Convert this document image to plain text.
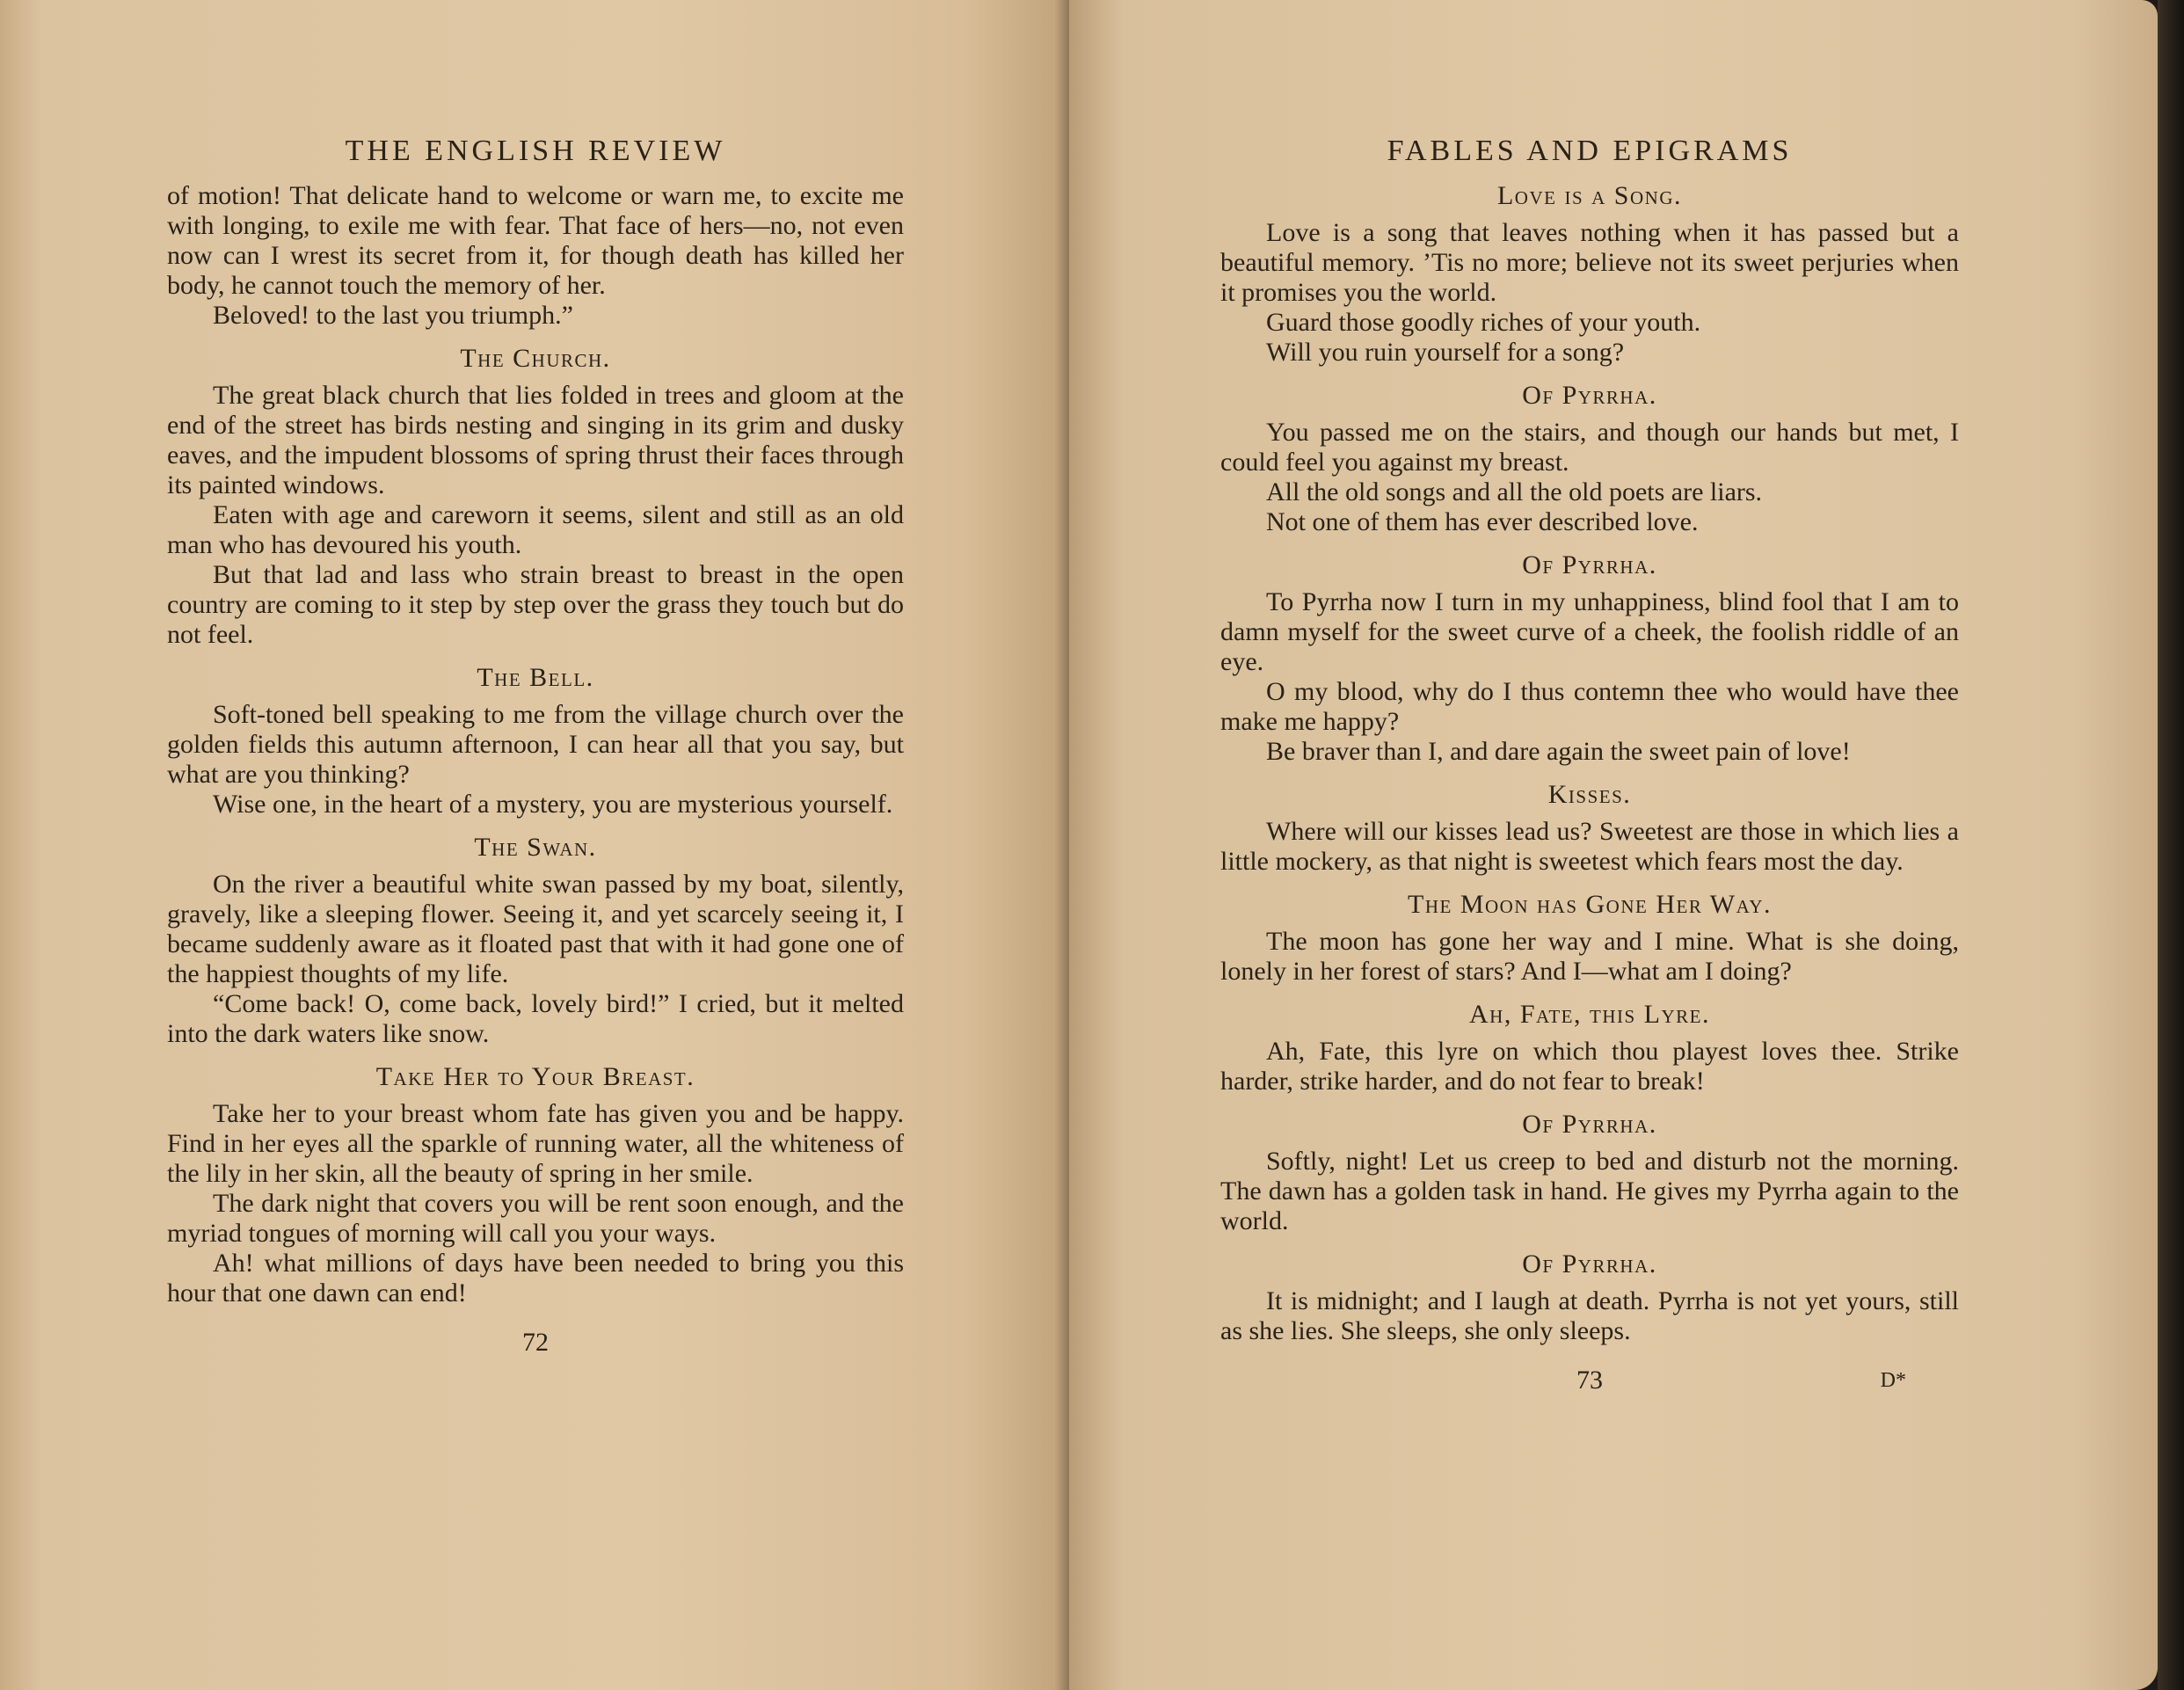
THE ENGLISH REVIEW

of motion! That delicate hand to welcome or warn me, to excite me with longing, to exile me with fear. That face of hers—no, not even now can I wrest its secret from it, for though death has killed her body, he cannot touch the memory of her.

Beloved! to the last you triumph.”

The Church.

The great black church that lies folded in trees and gloom at the end of the street has birds nesting and singing in its grim and dusky eaves, and the impudent blossoms of spring thrust their faces through its painted windows.

Eaten with age and careworn it seems, silent and still as an old man who has devoured his youth.

But that lad and lass who strain breast to breast in the open country are coming to it step by step over the grass they touch but do not feel.

The Bell.

Soft-toned bell speaking to me from the village church over the golden fields this autumn afternoon, I can hear all that you say, but what are you thinking?

Wise one, in the heart of a mystery, you are mysterious yourself.

The Swan.

On the river a beautiful white swan passed by my boat, silently, gravely, like a sleeping flower. Seeing it, and yet scarcely seeing it, I became suddenly aware as it floated past that with it had gone one of the happiest thoughts of my life.

“Come back! O, come back, lovely bird!” I cried, but it melted into the dark waters like snow.

Take Her to Your Breast.

Take her to your breast whom fate has given you and be happy. Find in her eyes all the sparkle of running water, all the whiteness of the lily in her skin, all the beauty of spring in her smile.

The dark night that covers you will be rent soon enough, and the myriad tongues of morning will call you your ways.

Ah! what millions of days have been needed to bring you this hour that one dawn can end!

72
FABLES AND EPIGRAMS
Love is a Song.

Love is a song that leaves nothing when it has passed but a beautiful memory. ’Tis no more; believe not its sweet perjuries when it promises you the world.

Guard those goodly riches of your youth.

Will you ruin yourself for a song?

Of Pyrrha.

You passed me on the stairs, and though our hands but met, I could feel you against my breast.

All the old songs and all the old poets are liars.

Not one of them has ever described love.

Of Pyrrha.

To Pyrrha now I turn in my unhappiness, blind fool that I am to damn myself for the sweet curve of a cheek, the foolish riddle of an eye.

O my blood, why do I thus contemn thee who would have thee make me happy?

Be braver than I, and dare again the sweet pain of love!

Kisses.

Where will our kisses lead us? Sweetest are those in which lies a little mockery, as that night is sweetest which fears most the day.

The Moon has Gone Her Way.

The moon has gone her way and I mine. What is she doing, lonely in her forest of stars? And I—what am I doing?

Ah, Fate, this Lyre.

Ah, Fate, this lyre on which thou playest loves thee. Strike harder, strike harder, and do not fear to break!

Of Pyrrha.

Softly, night! Let us creep to bed and disturb not the morning. The dawn has a golden task in hand. He gives my Pyrrha again to the world.

Of Pyrrha.

It is midnight; and I laugh at death. Pyrrha is not yet yours, still as she lies. She sleeps, she only sleeps.

73	D*
